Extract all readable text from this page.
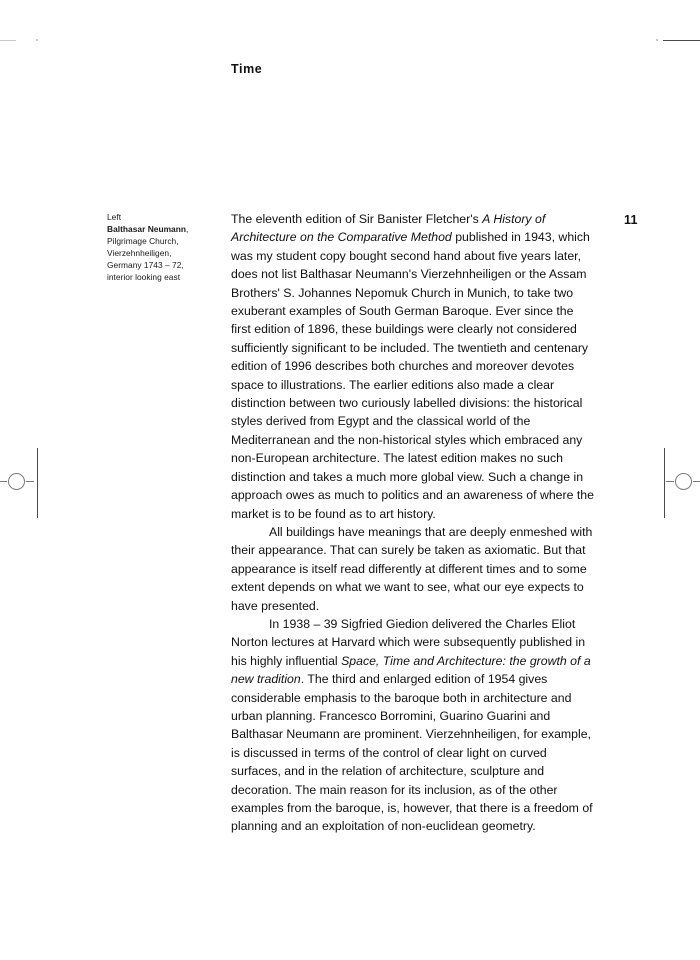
Time
11
Left
Balthasar Neumann,
Pilgrimage Church,
Vierzehnheiligen,
Germany 1743 – 72,
interior looking east

The eleventh edition of Sir Banister Fletcher's A History of Architecture on the Comparative Method published in 1943, which was my student copy bought second hand about five years later, does not list Balthasar Neumann's Vierzehnheiligen or the Assam Brothers' S. Johannes Nepomuk Church in Munich, to take two exuberant examples of South German Baroque. Ever since the first edition of 1896, these buildings were clearly not considered sufficiently significant to be included. The twentieth and centenary edition of 1996 describes both churches and moreover devotes space to illustrations. The earlier editions also made a clear distinction between two curiously labelled divisions: the historical styles derived from Egypt and the classical world of the Mediterranean and the non-historical styles which embraced any non-European architecture. The latest edition makes no such distinction and takes a much more global view. Such a change in approach owes as much to politics and an awareness of where the market is to be found as to art history.

All buildings have meanings that are deeply enmeshed with their appearance. That can surely be taken as axiomatic. But that appearance is itself read differently at different times and to some extent depends on what we want to see, what our eye expects to have presented.

In 1938 – 39 Sigfried Giedion delivered the Charles Eliot Norton lectures at Harvard which were subsequently published in his highly influential Space, Time and Architecture: the growth of a new tradition. The third and enlarged edition of 1954 gives considerable emphasis to the baroque both in architecture and urban planning. Francesco Borromini, Guarino Guarini and Balthasar Neumann are prominent. Vierzehnheiligen, for example, is discussed in terms of the control of clear light on curved surfaces, and in the relation of architecture, sculpture and decoration. The main reason for its inclusion, as of the other examples from the baroque, is, however, that there is a freedom of planning and an exploitation of non-euclidean geometry.
